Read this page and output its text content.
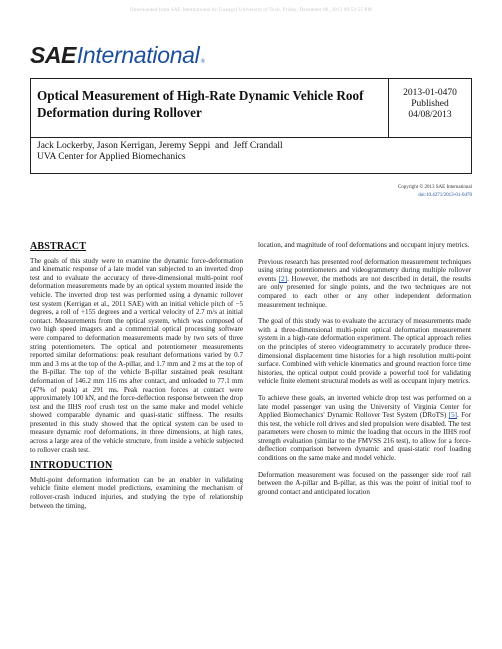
Downloaded from SAE International by Guangxi University of Tech, Friday, December 06, 2013 09:53:55 PM
SAE International ®
Optical Measurement of High-Rate Dynamic Vehicle Roof Deformation during Rollover
2013-01-0470
Published
04/08/2013
Jack Lockerby, Jason Kerrigan, Jeremy Seppi  and  Jeff Crandall
UVA Center for Applied Biomechanics
Copyright © 2013 SAE International
doi:10.4271/2013-01-0470
ABSTRACT

The goals of this study were to examine the dynamic force-deformation and kinematic response of a late model van subjected to an inverted drop test and to evaluate the accuracy of three-dimensional multi-point roof deformation measurements made by an optical system mounted inside the vehicle. The inverted drop test was performed using a dynamic rollover test system (Kerrigan et al., 2011 SAE) with an initial vehicle pitch of −5 degrees, a roll of +155 degrees and a vertical velocity of 2.7 m/s at initial contact. Measurements from the optical system, which was composed of two high speed imagers and a commercial optical processing software were compared to deformation measurements made by two sets of three string potentiometers. The optical and potentiometer measurements reported similar deformations: peak resultant deformations varied by 0.7 mm and 3 ms at the top of the A-pillar, and 1.7 mm and 2 ms at the top of the B-pillar. The top of the vehicle B-pillar sustained peak resultant deformation of 146.2 mm 116 ms after contact, and unloaded to 77.1 mm (47% of peak) at 291 ms. Peak reaction forces at contact were approximately 100 kN, and the force-deflection response between the drop test and the IIHS roof crush test on the same make and model vehicle showed comparable dynamic and quasi-static stiffness. The results presented in this study showed that the optical system can be used to measure dynamic roof deformations, in three dimensions, at high rates, across a large area of the vehicle structure, from inside a vehicle subjected to rollover crash test.

INTRODUCTION

Multi-point deformation information can be an enabler in validating vehicle finite element model predictions, examining the mechanism of rollover-crash induced injuries, and studying the type of relationship between the timing,

location, and magnitude of roof deformations and occupant injury metrics.

Previous research has presented roof deformation measurement techniques using string potentiometers and videogrammetry during multiple rollover events [2]. However, the methods are not described in detail, the results are only presented for single points, and the two techniques are not compared to each other or any other independent deformation measurement technique.

The goal of this study was to evaluate the accuracy of measurements made with a three-dimensional multi-point optical deformation measurement system in a high-rate deformation experiment. The optical approach relies on the principles of stereo videogrammetry to accurately produce three-dimensional displacement time histories for a high resolution multi-point surface. Combined with vehicle kinematics and ground reaction force time histories, the optical output could provide a powerful tool for validating vehicle finite element structural models as well as occupant injury metrics.

To achieve these goals, an inverted vehicle drop test was performed on a late model passenger van using the University of Virginia Center for Applied Biomechanics' Dynamic Rollover Test System (DRoTS) [5]. For this test, the vehicle roll drives and sled propulsion were disabled. The test parameters were chosen to mimic the loading that occurs in the IIHS roof strength evaluation (similar to the FMVSS 216 test), to allow for a force-deflection comparison between dynamic and quasi-static roof loading conditions on the same make and model vehicle.

Deformation measurement was focused on the passenger side roof rail between the A-pillar and B-pillar, as this was the point of initial roof to ground contact and anticipated location
